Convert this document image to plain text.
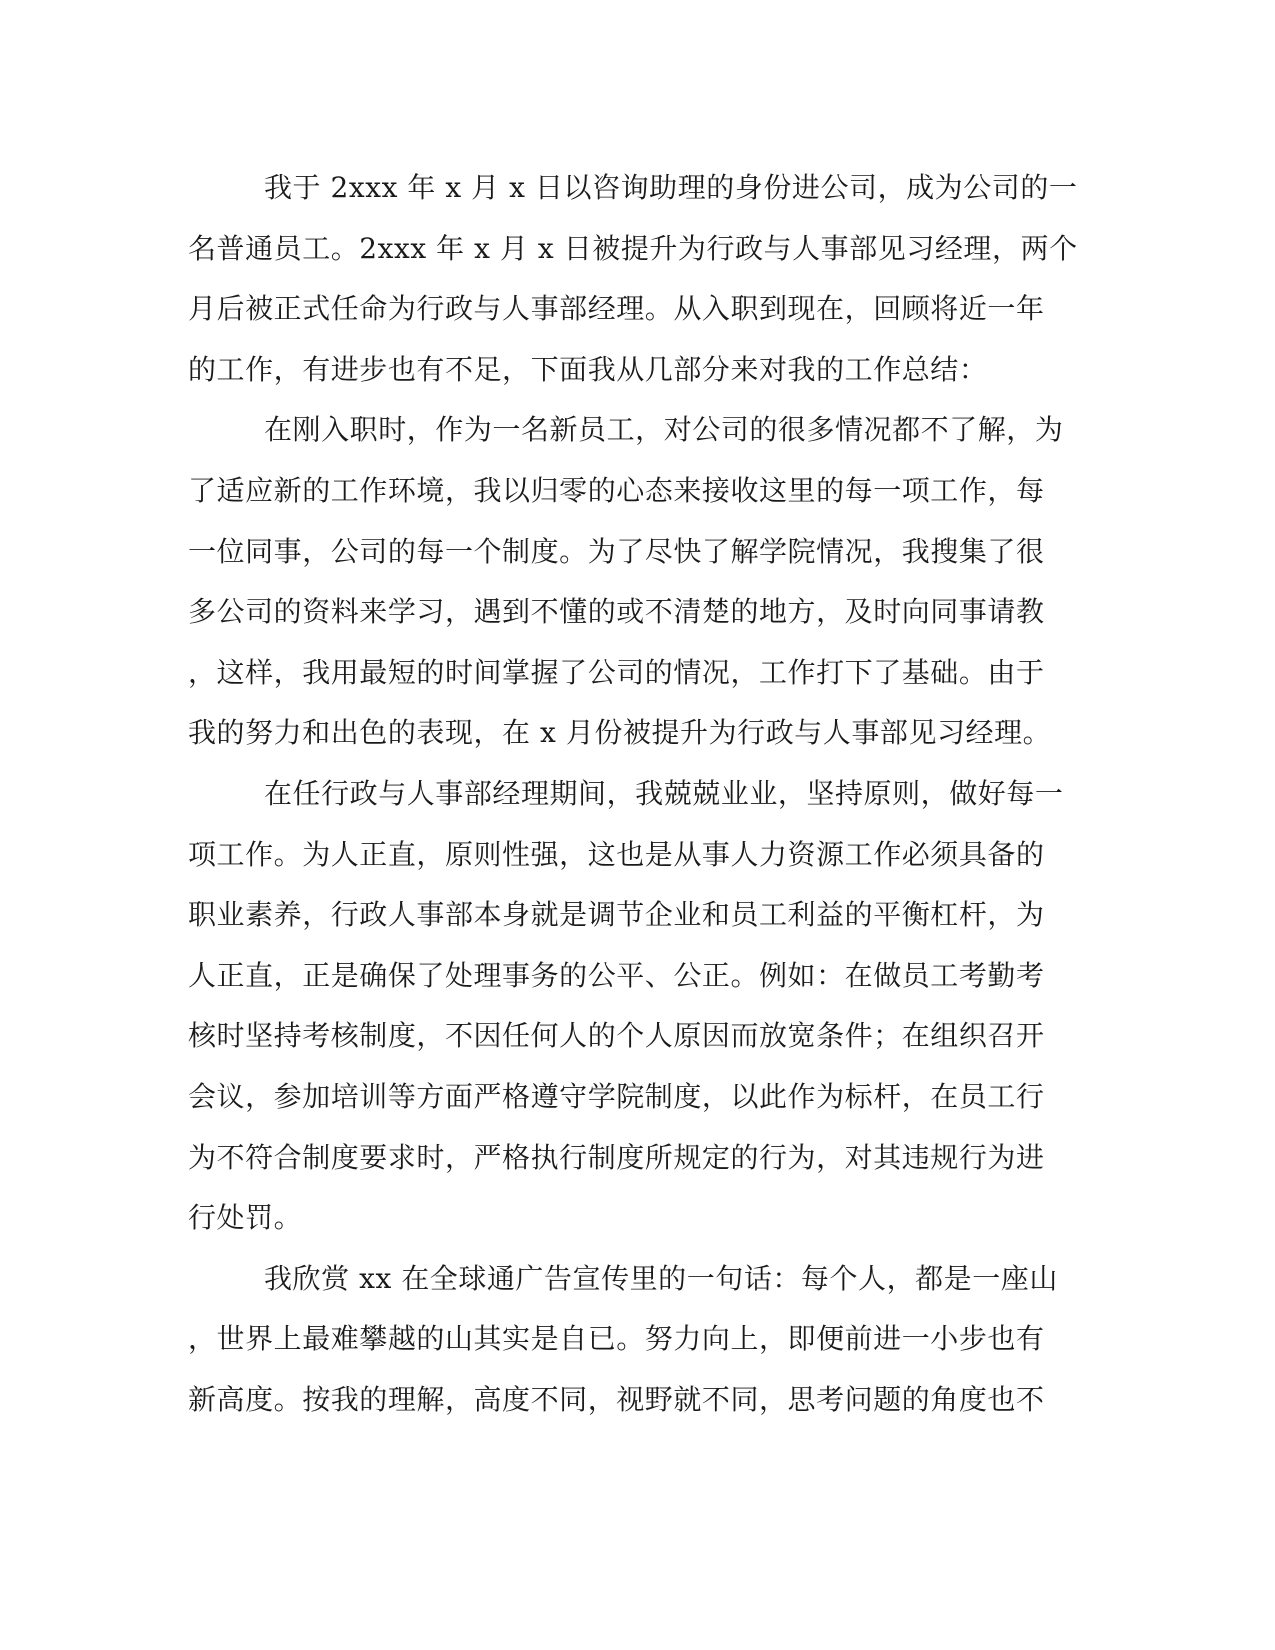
我于 2xxx 年 x 月 x 日以咨询助理的身份进公司，成为公司的一
名普通员工。2xxx 年 x 月 x 日被提升为行政与人事部见习经理，两个
月后被正式任命为行政与人事部经理。从入职到现在，回顾将近一年
的工作，有进步也有不足，下面我从几部分来对我的工作总结：
在刚入职时，作为一名新员工，对公司的很多情况都不了解，为
了适应新的工作环境，我以归零的心态来接收这里的每一项工作，每
一位同事，公司的每一个制度。为了尽快了解学院情况，我搜集了很
多公司的资料来学习，遇到不懂的或不清楚的地方，及时向同事请教
，这样，我用最短的时间掌握了公司的情况，工作打下了基础。由于
我的努力和出色的表现，在 x 月份被提升为行政与人事部见习经理。
在任行政与人事部经理期间，我兢兢业业，坚持原则，做好每一
项工作。为人正直，原则性强，这也是从事人力资源工作必须具备的
职业素养，行政人事部本身就是调节企业和员工利益的平衡杠杆，为
人正直，正是确保了处理事务的公平、公正。例如：在做员工考勤考
核时坚持考核制度，不因任何人的个人原因而放宽条件；在组织召开
会议，参加培训等方面严格遵守学院制度，以此作为标杆，在员工行
为不符合制度要求时，严格执行制度所规定的行为，对其违规行为进
行处罚。
我欣赏 xx 在全球通广告宣传里的一句话：每个人，都是一座山
，世界上最难攀越的山其实是自已。努力向上，即便前进一小步也有
新高度。按我的理解，高度不同，视野就不同，思考问题的角度也不
